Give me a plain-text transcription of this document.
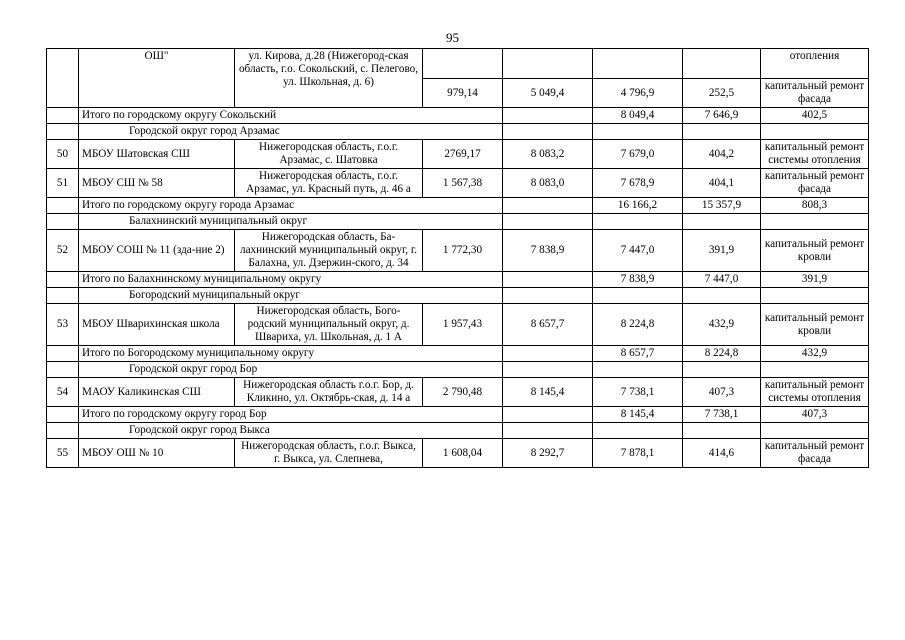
95
	ОШ"	ул. Кирова, д.28 (Нижегород-ская область, г.о. Сокольский, с. Пелегово, ул. Школьная, д. 6)					отопления	
			979,14	5 049,4	4 796,9	252,5	капитальный ремонт фасада	
	Итого по городскому округу Сокольский				8 049,4	7 646,9	402,5	
	Городской округ город Арзамас							
50	МБОУ Шатовская СШ	Нижегородская область, г.о.г. Арзамас, с. Шатовка	2769,17	8 083,2	7 679,0	404,2	капитальный ремонт системы отопления	
51	МБОУ СШ № 58	Нижегородская область, г.о.г. Арзамас, ул. Красный путь, д. 46 а	1 567,38	8 083,0	7 678,9	404,1	капитальный ремонт фасада	
	Итого по городскому округу города Арзамас				16 166,2	15 357,9	808,3	
	Балахнинский муниципальный округ							
52	МБОУ СОШ № 11 (зда-ние 2)	Нижегородская область, Ба-лахнинский муниципальный округ, г. Балахна, ул. Дзержин-ского, д. 34	1 772,30	7 838,9	7 447,0	391,9	капитальный ремонт кровли	
	Итого по Балахнинскому муниципальному округу				7 838,9	7 447,0	391,9	
	Богородский муниципальный округ							
53	МБОУ Шварихинская школа	Нижегородская область, Бого-родский муниципальный округ, д. Швариха, ул. Школьная, д. 1 А	1 957,43	8 657,7	8 224,8	432,9	капитальный ремонт кровли	
	Итого по Богородскому муниципальному округу				8 657,7	8 224,8	432,9	
	Городской округ город Бор							
54	МАОУ Каликинская СШ	Нижегородская область г.о.г. Бор, д. Кликино, ул. Октябрь-ская, д. 14 а	2 790,48	8 145,4	7 738,1	407,3	капитальный ремонт системы отопления	
	Итого по городскому округу город Бор				8 145,4	7 738,1	407,3	
	Городской округ город Выкса							
55	МБОУ ОШ № 10	Нижегородская область, г.о.г. Выкса, г. Выкса, ул. Слепнева,	1 608,04	8 292,7	7 878,1	414,6	капитальный ремонт фасада	
